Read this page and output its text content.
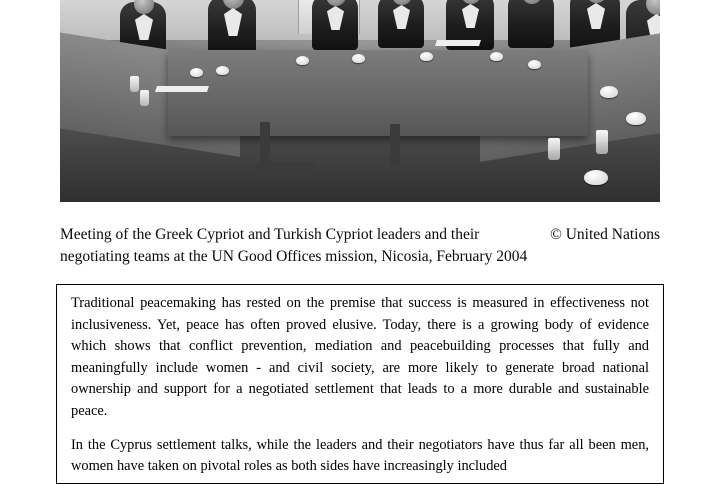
© United Nations
Meeting of the Greek Cypriot and Turkish Cypriot leaders and their negotiating teams at the UN Good Offices mission, Nicosia, February 2004

Traditional peacemaking has rested on the premise that success is measured in effectiveness not inclusiveness. Yet, peace has often proved elusive. Today, there is a growing body of evidence which shows that conflict prevention, mediation and peacebuilding processes that fully and meaningfully include women - and civil society, are more likely to generate broad national ownership and support for a negotiated settlement that leads to a more durable and sustainable peace.

In the Cyprus settlement talks, while the leaders and their negotiators have thus far all been men, women have taken on pivotal roles as both sides have increasingly included
